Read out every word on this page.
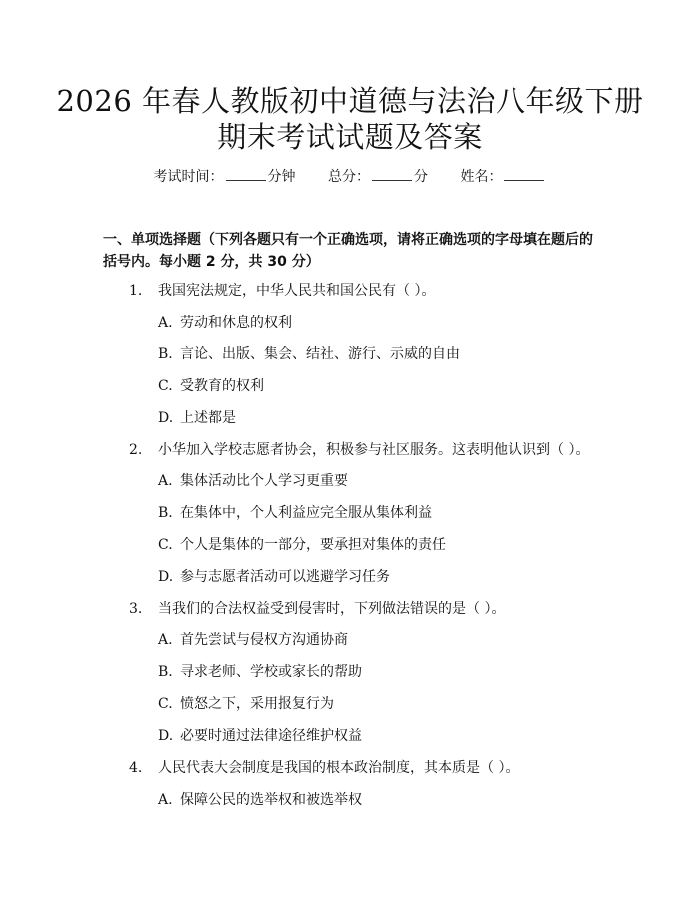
2026 年春人教版初中道德与法治八年级下册
期末考试试题及答案
考试时间：	分钟 总分：	分 姓名：

一、单项选择题（下列各题只有一个正确选项，请将正确选项的字母填在题后的括号内。每小题 2 分，共 30 分）

1. 我国宪法规定，中华人民共和国公民有（ ）。
A. 劳动和休息的权利
B. 言论、出版、集会、结社、游行、示威的自由
C. 受教育的权利
D. 上述都是
2. 小华加入学校志愿者协会，积极参与社区服务。这表明他认识到（ ）。
A. 集体活动比个人学习更重要
B. 在集体中，个人利益应完全服从集体利益
C. 个人是集体的一部分，要承担对集体的责任
D. 参与志愿者活动可以逃避学习任务
3. 当我们的合法权益受到侵害时，下列做法错误的是（ ）。
A. 首先尝试与侵权方沟通协商
B. 寻求老师、学校或家长的帮助
C. 愤怒之下，采用报复行为
D. 必要时通过法律途径维护权益
4. 人民代表大会制度是我国的根本政治制度，其本质是（ ）。
A. 保障公民的选举权和被选举权
